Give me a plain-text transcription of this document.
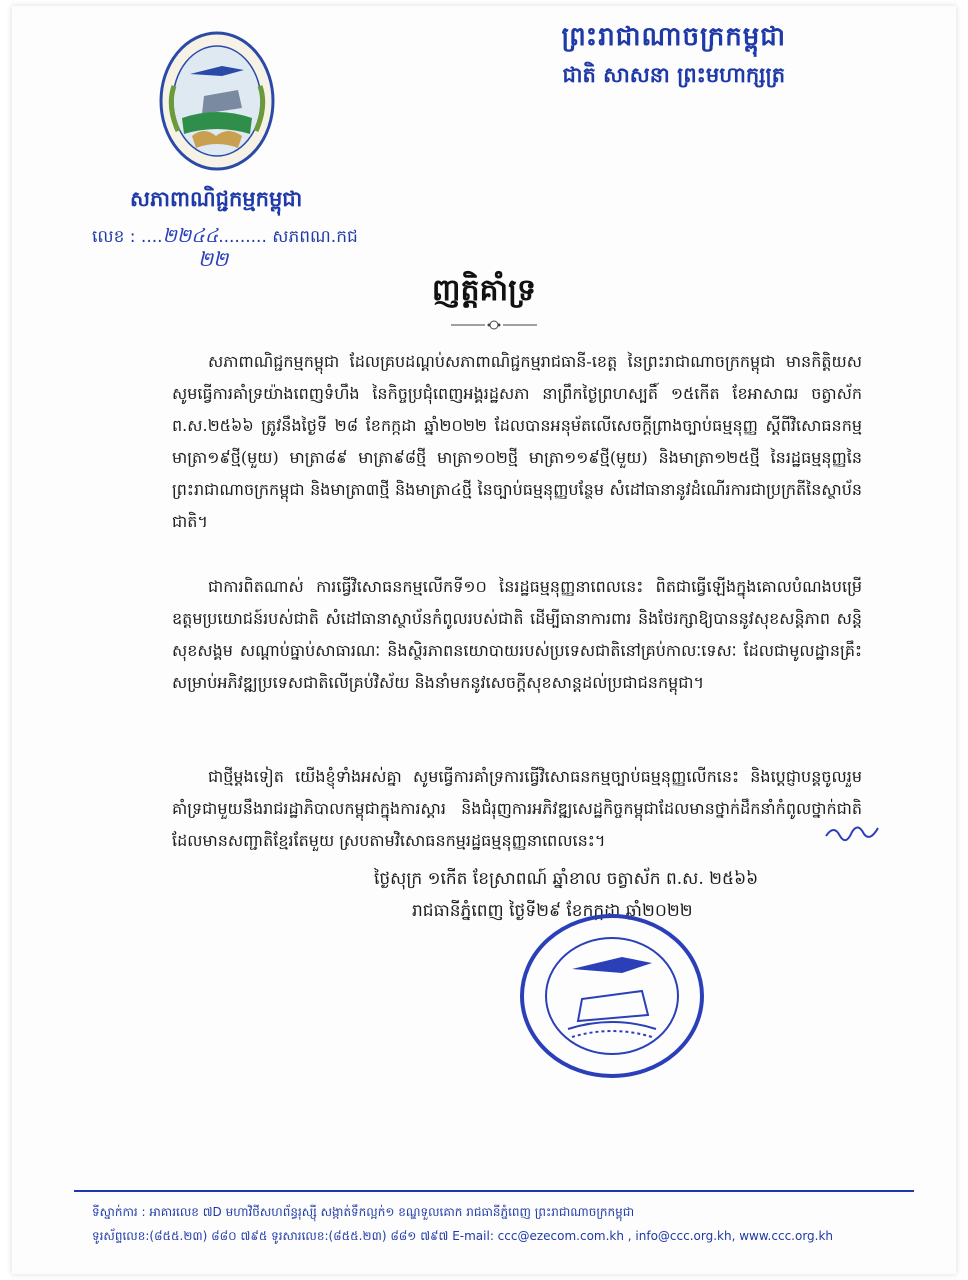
ព្រះរាជាណាចក្រកម្ពុជា
ជាតិ សាសនា ព្រះមហាក្សត្រ
សភាពាណិជ្ជកម្មកម្ពុជា
លេខ : ....២២៤៤......... សភពណ.កជ
២២
ញត្តិគាំទ្រ
សភាពាណិជ្ជកម្មកម្ពុជា ដែលគ្របដណ្ដប់សភាពាណិជ្ជកម្មរាជធានី-ខេត្ត នៃព្រះរាជាណាចក្រកម្ពុជា មានកិត្តិយសសូមធ្វើការគាំទ្រយ៉ាងពេញទំហឹង នៃកិច្ចប្រជុំពេញអង្គរដ្ឋសភា នាព្រឹកថ្ងៃព្រហស្បតិ៍ ១៥កើត ខែអាសាឍ ចត្វាស័ក ព.ស.២៥៦៦ ត្រូវនឹងថ្ងៃទី ២៨ ខែកក្កដា ឆ្នាំ២០២២ ដែលបានអនុម័តលើសេចក្ដីព្រាងច្បាប់ធម្មនុញ្ញ ស្ដីពីវិសោធនកម្មមាត្រា១៩ថ្មី(មួយ) មាត្រា៨៩ មាត្រា៩៨ថ្មី មាត្រា១០២ថ្មី មាត្រា១១៩ថ្មី(មួយ) និងមាត្រា១២៥ថ្មី នៃរដ្ឋធម្មនុញ្ញនៃព្រះរាជាណាចក្រកម្ពុជា និងមាត្រា៣ថ្មី និងមាត្រា៤ថ្មី នៃច្បាប់ធម្មនុញ្ញបន្ថែម សំដៅធានានូវដំណើរការជាប្រក្រតីនៃស្ថាប័នជាតិ។
ជាការពិតណាស់ ការធ្វើវិសោធនកម្មលើកទី១០ នៃរដ្ឋធម្មនុញ្ញនាពេលនេះ ពិតជាធ្វើឡើងក្នុងគោលបំណងបម្រើឧត្តមប្រយោជន៍របស់ជាតិ សំដៅធានាស្ថាប័នកំពូលរបស់ជាតិ ដើម្បីធានាការពារ និងថែរក្សាឱ្យបាននូវសុខសន្តិភាព សន្តិសុខសង្គម សណ្ដាប់ធ្នាប់សាធារណៈ និងស្ថិរភាពនយោបាយរបស់ប្រទេសជាតិនៅគ្រប់កាលៈទេសៈ ដែលជាមូលដ្ឋានគ្រឹះសម្រាប់អភិវឌ្ឍប្រទេសជាតិលើគ្រប់វិស័យ និងនាំមកនូវសេចក្ដីសុខសាន្តដល់ប្រជាជនកម្ពុជា។
ជាថ្មីម្ដងទៀត យើងខ្ញុំទាំងអស់គ្នា សូមធ្វើការគាំទ្រការធ្វើវិសោធនកម្មច្បាប់ធម្មនុញ្ញលើកនេះ និងប្ដេជ្ញាបន្តចូលរួមគាំទ្រជាមួយនឹងរាជរដ្ឋាភិបាលកម្ពុជាក្នុងការស្ដារ និងជំរុញការអភិវឌ្ឍសេដ្ឋកិច្ចកម្ពុជាដែលមានថ្នាក់ដឹកនាំកំពូលថ្នាក់ជាតិដែលមានសញ្ជាតិខ្មែរតែមួយ ស្របតាមវិសោធនកម្មរដ្ឋធម្មនុញ្ញនាពេលនេះ។
ថ្ងៃសុក្រ ១កើត ខែស្រាពណ៍ ឆ្នាំខាល ចត្វាស័ក ព.ស. ២៥៦៦
រាជធានីភ្នំពេញ ថ្ងៃទី២៩ ខែកក្កដា ឆ្នាំ២០២២
ទីស្នាក់ការ : អាគារលេខ ៧D មហាវិថីសហព័ន្ធរុស្ស៊ី សង្កាត់ទឹកល្អក់១ ខណ្ឌទួលគោក រាជធានីភ្នំពេញ ព្រះរាជាណាចក្រកម្ពុជា
ទូរស័ព្ទលេខ:(៨៥៥.២៣) ៨៨០ ៧៩៥ ទូរសារលេខ:(៨៥៥.២៣) ៨៨១ ៧៩៧ E-mail: ccc@ezecom.com.kh , info@ccc.org.kh, www.ccc.org.kh
